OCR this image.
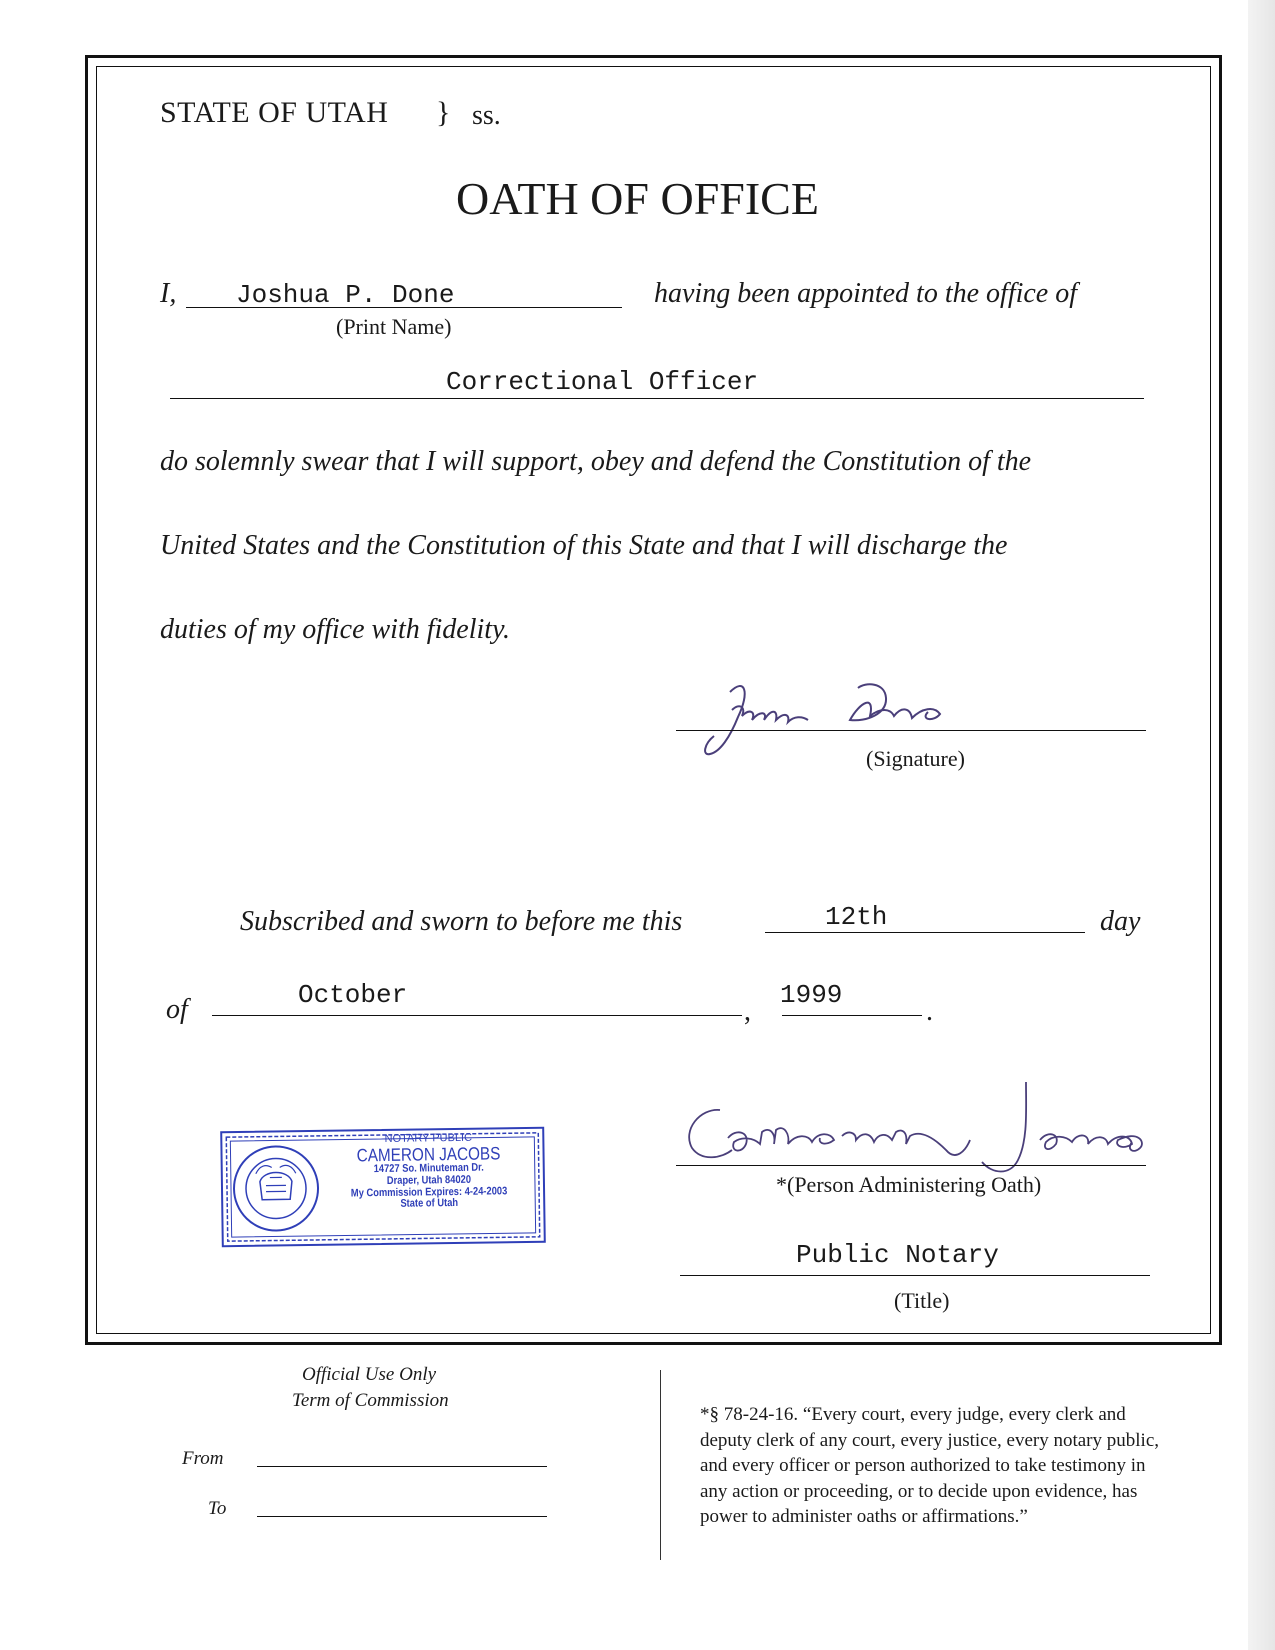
STATE OF UTAH } ss.
OATH OF OFFICE
I, Joshua P. Done
(Print Name)
having been appointed to the office of
Correctional Officer
do solemnly swear that I will support, obey and defend the Constitution of the
United States and the Constitution of this State and that I will discharge the
duties of my office with fidelity.
(Signature)
Subscribed and sworn to before me this	12th	day
of	October
,
1999
.
NOTARY PUBLIC
CAMERON JACOBS
14727 So. Minuteman Dr.
Draper, Utah 84020
My Commission Expires: 4-24-2003
State of Utah
*(Person Administering Oath)
Public Notary
(Title)
Official Use Only
Term of Commission
From
To
*§ 78-24-16. “Every court, every judge, every clerk and
deputy clerk of any court, every justice, every notary public,
and every officer or person authorized to take testimony in
any action or proceeding, or to decide upon evidence, has
power to administer oaths or affirmations.”
